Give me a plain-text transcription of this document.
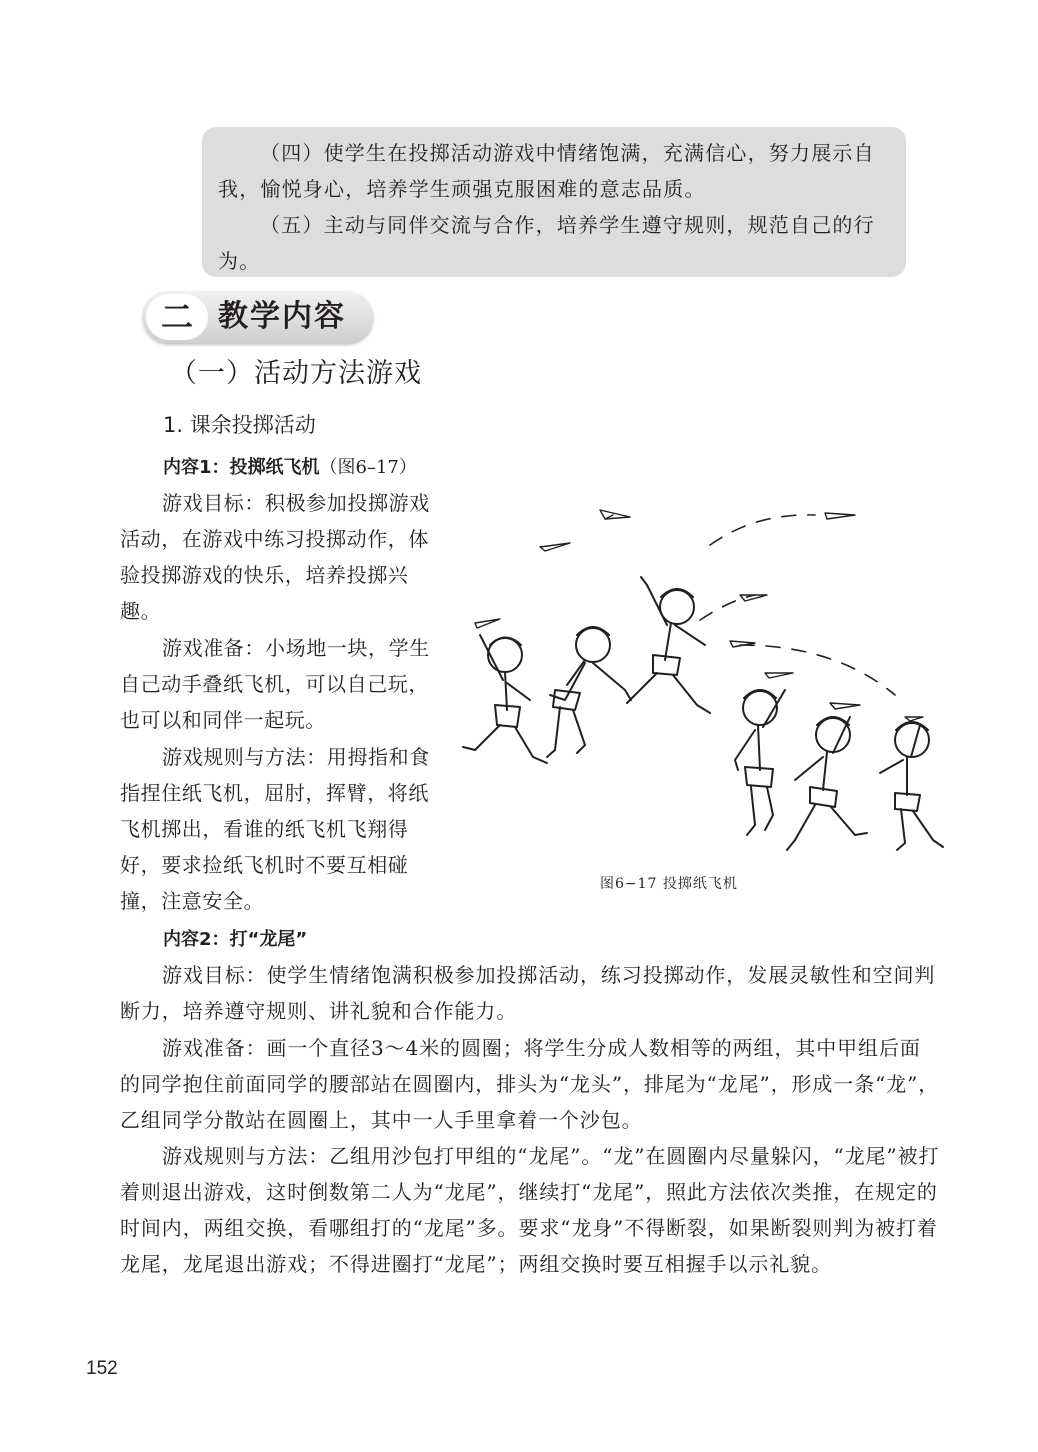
（四）使学生在投掷活动游戏中情绪饱满，充满信心，努力展示自我，愉悦身心，培养学生顽强克服困难的意志品质。

（五）主动与同伴交流与合作，培养学生遵守规则，规范自己的行为。

二 教学内容
（一）活动方法游戏
1. 课余投掷活动
内容1：投掷纸飞机（图6–17）

游戏目标：积极参加投掷游戏活动，在游戏中练习投掷动作，体验投掷游戏的快乐，培养投掷兴趣。

游戏准备：小场地一块，学生自己动手叠纸飞机，可以自己玩，也可以和同伴一起玩。

游戏规则与方法：用拇指和食指捏住纸飞机，屈肘，挥臂，将纸飞机掷出，看谁的纸飞机飞翔得好，要求捡纸飞机时不要互相碰撞，注意安全。

图6−17 投掷纸飞机
内容2：打“龙尾”

游戏目标：使学生情绪饱满积极参加投掷活动，练习投掷动作，发展灵敏性和空间判断力，培养遵守规则、讲礼貌和合作能力。

游戏准备：画一个直径3～4米的圆圈；将学生分成人数相等的两组，其中甲组后面的同学抱住前面同学的腰部站在圆圈内，排头为“龙头”，排尾为“龙尾”，形成一条“龙”，乙组同学分散站在圆圈上，其中一人手里拿着一个沙包。

游戏规则与方法：乙组用沙包打甲组的“龙尾”。“龙”在圆圈内尽量躲闪，“龙尾”被打着则退出游戏，这时倒数第二人为“龙尾”，继续打“龙尾”，照此方法依次类推，在规定的时间内，两组交换，看哪组打的“龙尾”多。要求“龙身”不得断裂，如果断裂则判为被打着龙尾，龙尾退出游戏；不得进圈打“龙尾”；两组交换时要互相握手以示礼貌。

152
